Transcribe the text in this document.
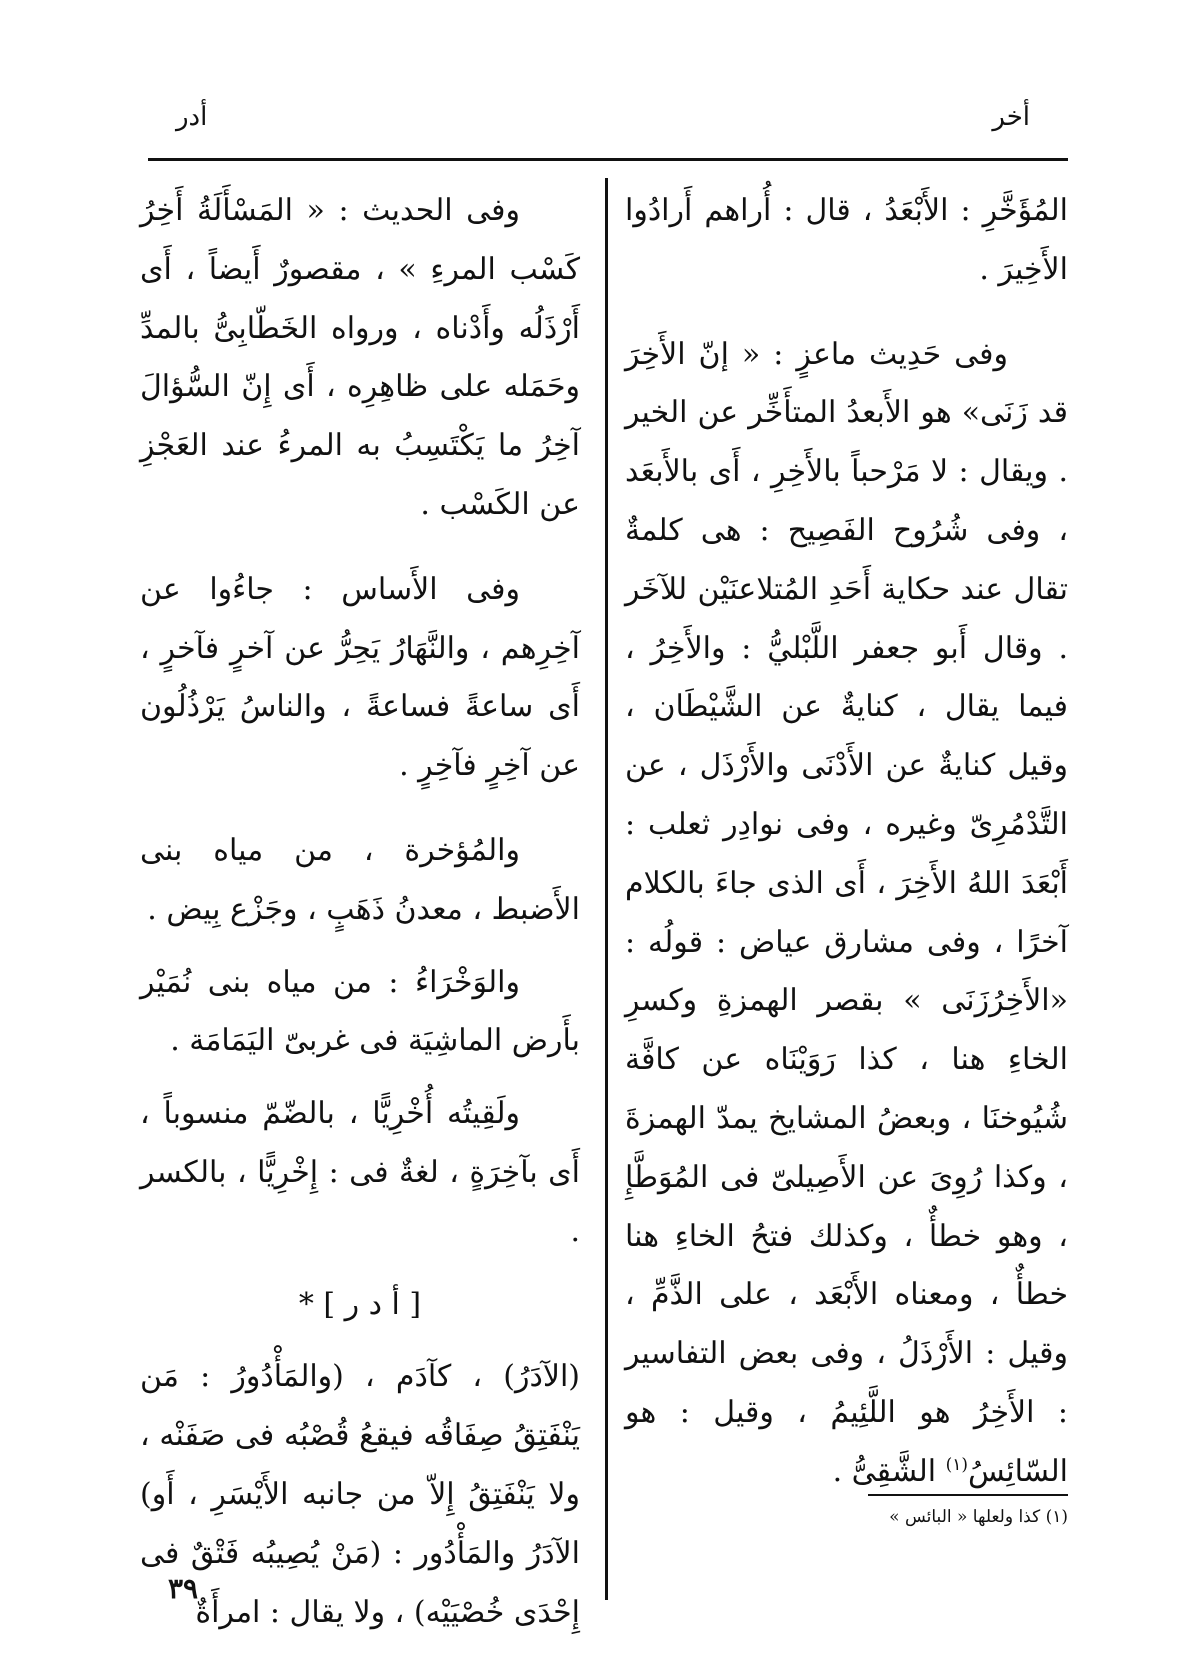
أخر
أدر

المُؤَخَّرِ : الأَبْعَدُ ، قال : أُراهم أَرادُوا الأَخِيرَ .

وفى حَدِيث ماعزٍ : « إنّ الأَخِرَ قد زَنَى» هو الأَبعدُ المتأَخِّر عن الخير . ويقال : لا مَرْحباً بالأَخِرِ ، أَى بالأَبعَد ، وفى شُرُوح الفَصِيح : هى كلمةٌ تقال عند حكاية أَحَدِ المُتلاعنَيْن للآخَر . وقال أَبو جعفر اللَّبْليُّ : والأَخِرُ ، فيما يقال ، كنايةٌ عن الشَّيْطَان ، وقيل كنايةٌ عن الأَدْنَى والأَرْذَل ، عن التَّدْمُرِىّ وغيره ، وفى نوادِر ثعلب : أَبْعَدَ اللهُ الأَخِرَ ، أَى الذى جاءَ بالكلام آخرًا ، وفى مشارق عياض : قولُه : «الأَخِرُزَنَى » بقصر الهمزةِ وكسرِ الخاءِ هنا ، كذا رَوَيْنَاه عن كافَّة شُيُوخنَا ، وبعضُ المشايخ يمدّ الهمزةَ ، وكذا رُوِىَ عن الأَصِيلىّ فى المُوَطَّإِ ، وهو خطأٌ ، وكذلك فتحُ الخاءِ هنا خطأٌ ، ومعناه الأَبْعَد ، على الذَّمِّ ، وقيل : الأَرْذَلُ ، وفى بعض التفاسير : الأَخِرُ هو اللَّئِيمُ ، وقيل : هو السّائِسُ$^{(١)}$ الشَّقِىُّ .

وفى الحديث : « المَسْأَلَةُ أَخِرُ كَسْب المرءِ » ، مقصورٌ أَيضاً ، أَى أَرْذَلُه وأَدْناه ، ورواه الخَطّابِىُّ بالمدِّ وحَمَله على ظاهِرِه ، أَى إِنّ السُّؤالَ آخِرُ ما يَكْتَسِبُ به المرءُ عند العَجْزِ عن الكَسْب .

وفى الأَساس : جاءُوا عن آخِرِهم ، والنَّهَارُ يَحِرُّ عن آخرٍ فآخرٍ ، أَى ساعةً فساعةً ، والناسُ يَرْذُلُون عن آخِرٍ فآخِرٍ .

والمُؤخرة ، من مياه بنى الأَضبط ، معدنُ ذَهَبٍ ، وجَزْع بِيض .

والوَخْرَاءُ : من مياه بنى نُمَيْر بأَرض الماشِيَة فى غربىّ اليَمَامَة .

ولَقِيتُه أُخْرِيًّا ، بالضّمّ منسوباً ، أَى بآخِرَةٍ ، لغةٌ فى : إِخْرِيًّا ، بالكسر .

[ أ د ر ] *

(الآدَرُ) ، كآدَم ، (والمَأْدُورُ : مَن يَنْفَتِقُ صِفَاقُه فيقعُ قُصْبُه فى صَفَنْه ، ولا يَنْفَتِقُ إِلاّ من جانبه الأَيْسَرِ ، أَو) الآدَرُ والمَأْدُور : (مَنْ يُصِيبُه فَتْقٌ فى إِحْدَى خُصْيَيْه) ، ولا يقال : امرأَةٌ

(١) كذا ولعلها « البائس »
٣٩
